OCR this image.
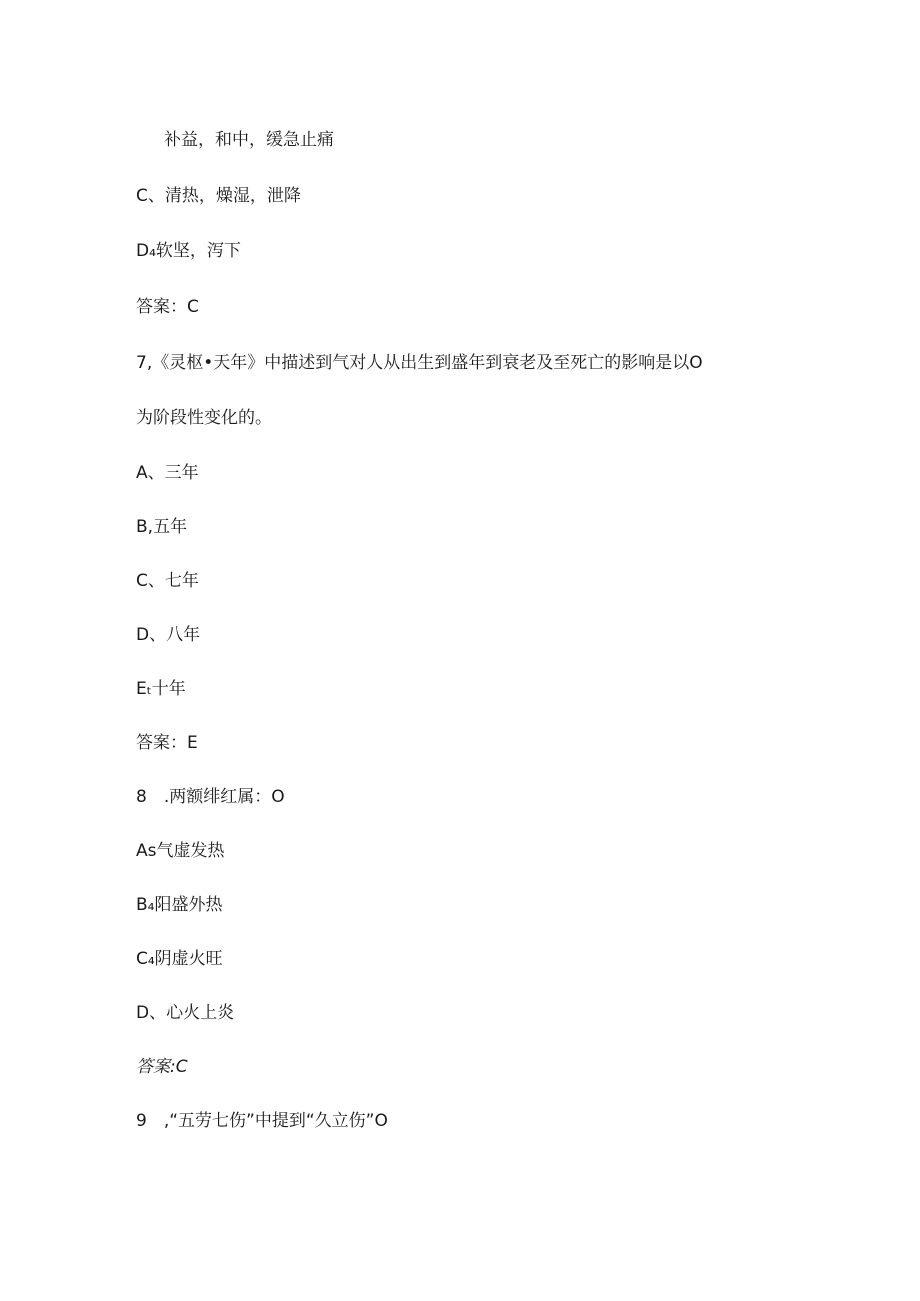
补益，和中，缓急止痛
C、清热，燥湿，泄降
D₄软坚，泻下
答案：C
7,《灵枢•天年》中描述到气对人从出生到盛年到衰老及至死亡的影响是以O
为阶段性变化的。
A、三年
B,五年
C、七年
D、八年
Eₜ十年
答案：E
8　.两额绯红属：O
As气虚发热
B₄阳盛外热
C₄阴虚火旺
D、心火上炎
答案:C
9　,“五劳七伤”中提到“久立伤”O
